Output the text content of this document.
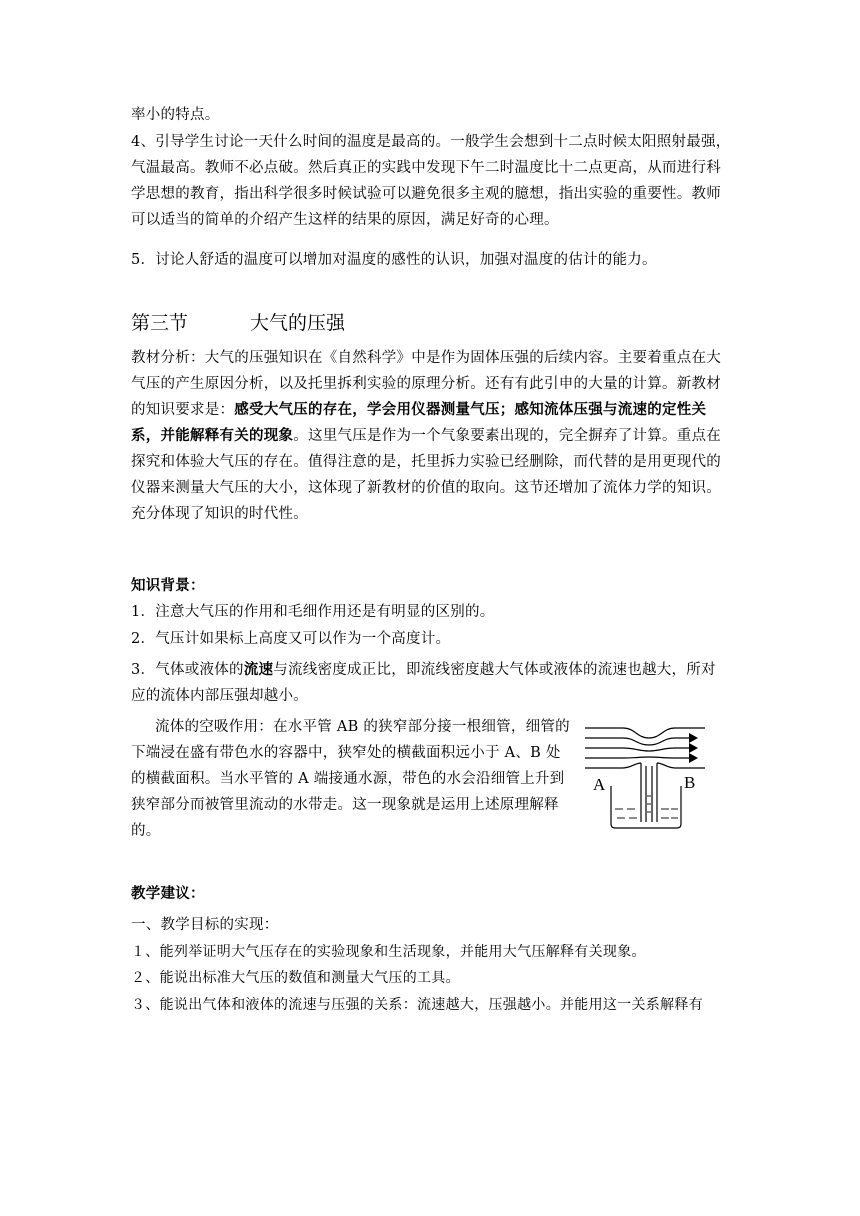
率小的特点。
4、引导学生讨论一天什么时间的温度是最高的。一般学生会想到十二点时候太阳照射最强，
气温最高。教师不必点破。然后真正的实践中发现下午二时温度比十二点更高，从而进行科
学思想的教育，指出科学很多时候试验可以避免很多主观的臆想，指出实验的重要性。教师
可以适当的简单的介绍产生这样的结果的原因，满足好奇的心理。
5．讨论人舒适的温度可以增加对温度的感性的认识，加强对温度的估计的能力。
第三节	大气的压强
教材分析：大气的压强知识在《自然科学》中是作为固体压强的后续内容。主要着重点在大
气压的产生原因分析，以及托里拆利实验的原理分析。还有有此引申的大量的计算。新教材
的知识要求是：感受大气压的存在，学会用仪器测量气压；感知流体压强与流速的定性关
系，并能解释有关的现象。这里气压是作为一个气象要素出现的，完全摒弃了计算。重点在
探究和体验大气压的存在。值得注意的是，托里拆力实验已经删除，而代替的是用更现代的
仪器来测量大气压的大小，这体现了新教材的价值的取向。这节还增加了流体力学的知识。
充分体现了知识的时代性。
知识背景：
1．注意大气压的作用和毛细作用还是有明显的区别的。
2．气压计如果标上高度又可以作为一个高度计。
3．气体或液体的流速与流线密度成正比，即流线密度越大气体或液体的流速也越大，所对
应的流体内部压强却越小。
流体的空吸作用：在水平管 AB 的狭窄部分接一根细管，细管的
下端浸在盛有带色水的容器中，狭窄处的横截面积远小于 A、B 处
的横截面积。当水平管的 A 端接通水源，带色的水会沿细管上升到
狭窄部分而被管里流动的水带走。这一现象就是运用上述原理解释
的。
A	B
教学建议：
一、教学目标的实现：
１、能列举证明大气压存在的实验现象和生活现象，并能用大气压解释有关现象。
２、能说出标准大气压的数值和测量大气压的工具。
３、能说出气体和液体的流速与压强的关系：流速越大，压强越小。并能用这一关系解释有
